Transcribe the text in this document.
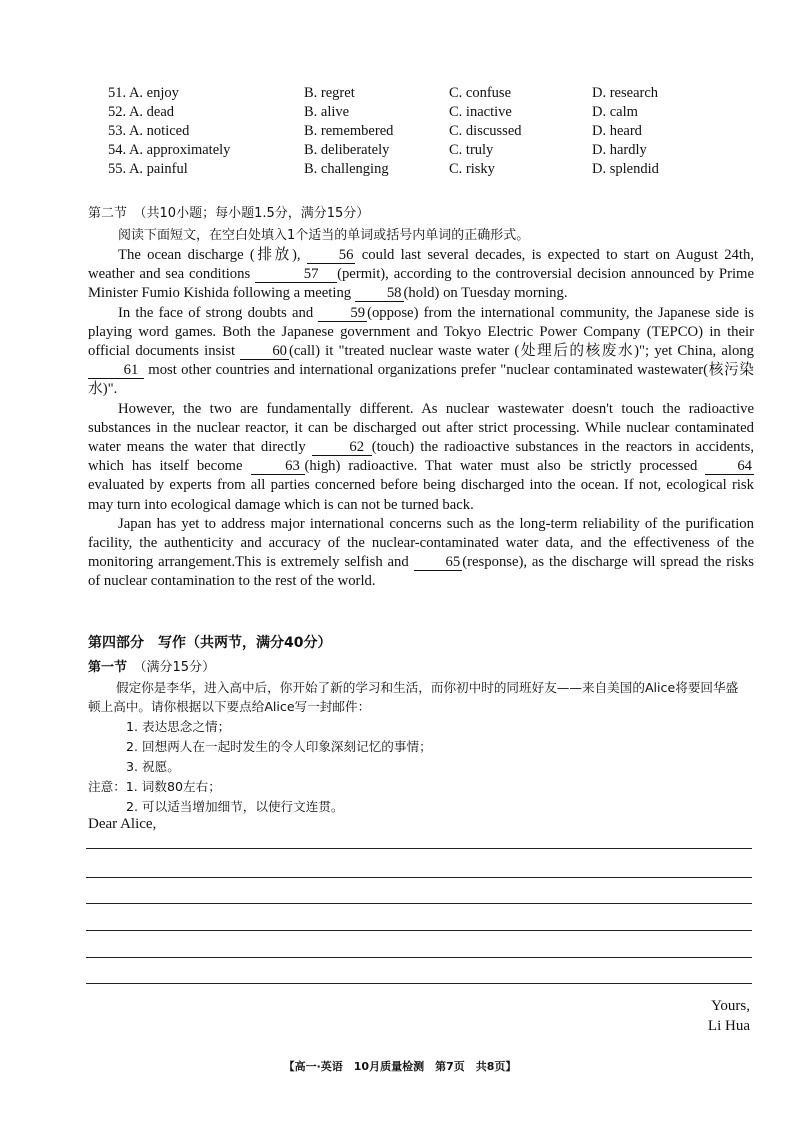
51. A. enjoy	B. regret	C. confuse	D. research
52. A. dead	B. alive	C. inactive	D. calm
53. A. noticed	B. remembered	C. discussed	D. heard
54. A. approximately	B. deliberately	C. truly	D. hardly
55. A. painful	B. challenging	C. risky	D. splendid
第二节　 （共10小题；每小题1.5分，满分15分）
阅读下面短文，在空白处填入1个适当的单词或括号内单词的正确形式。

The ocean discharge (排放), 56 could last several decades, is expected to start on August 24th, weather and sea conditions	57 (permit), according to the controversial decision announced by Prime Minister Fumio Kishida following a meeting 58 (hold) on Tuesday morning.

In the face of strong doubts and 59 (oppose) from the international community, the Japanese side is playing word games. Both the Japanese government and Tokyo Electric Power Company (TEPCO) in their official documents insist 60 (call) it "treated nuclear waste water (处理后的核废水)"; yet China, along 61 most other countries and international organizations prefer "nuclear contaminated wastewater(核污染水)".

However, the two are fundamentally different. As nuclear wastewater doesn't touch the radioactive substances in the nuclear reactor, it can be discharged out after strict processing. While nuclear contaminated water means the water that directly	62 (touch) the radioactive substances in the reactors in accidents, which has itself become 63 (high) radioactive. That water must also be strictly processed 64 evaluated by experts from all parties concerned before being discharged into the ocean. If not, ecological risk may turn into ecological damage which is can not be turned back.

Japan has yet to address major international concerns such as the long-term reliability of the purification facility, the authenticity and accuracy of the nuclear-contaminated water data, and the effectiveness of the monitoring arrangement.This is extremely selfish and 65 (response), as the discharge will spread the risks of nuclear contamination to the rest of the world.

第四部分　写作（共两节，满分40分）
第一节　 （满分15分）
假定你是李华，进入高中后，你开始了新的学习和生活，而你初中时的同班好友——来自美国的Alice将要回华盛顿上高中。请你根据以下要点给Alice写一封邮件：
1. 表达思念之情；
2. 回想两人在一起时发生的令人印象深刻记忆的事情；
3. 祝愿。
注意：1. 词数80左右；
2. 可以适当增加细节，以使行文连贯。
Dear Alice,
Yours,
Li Hua
【高一·英语　10月质量检测　第7页　共8页】
